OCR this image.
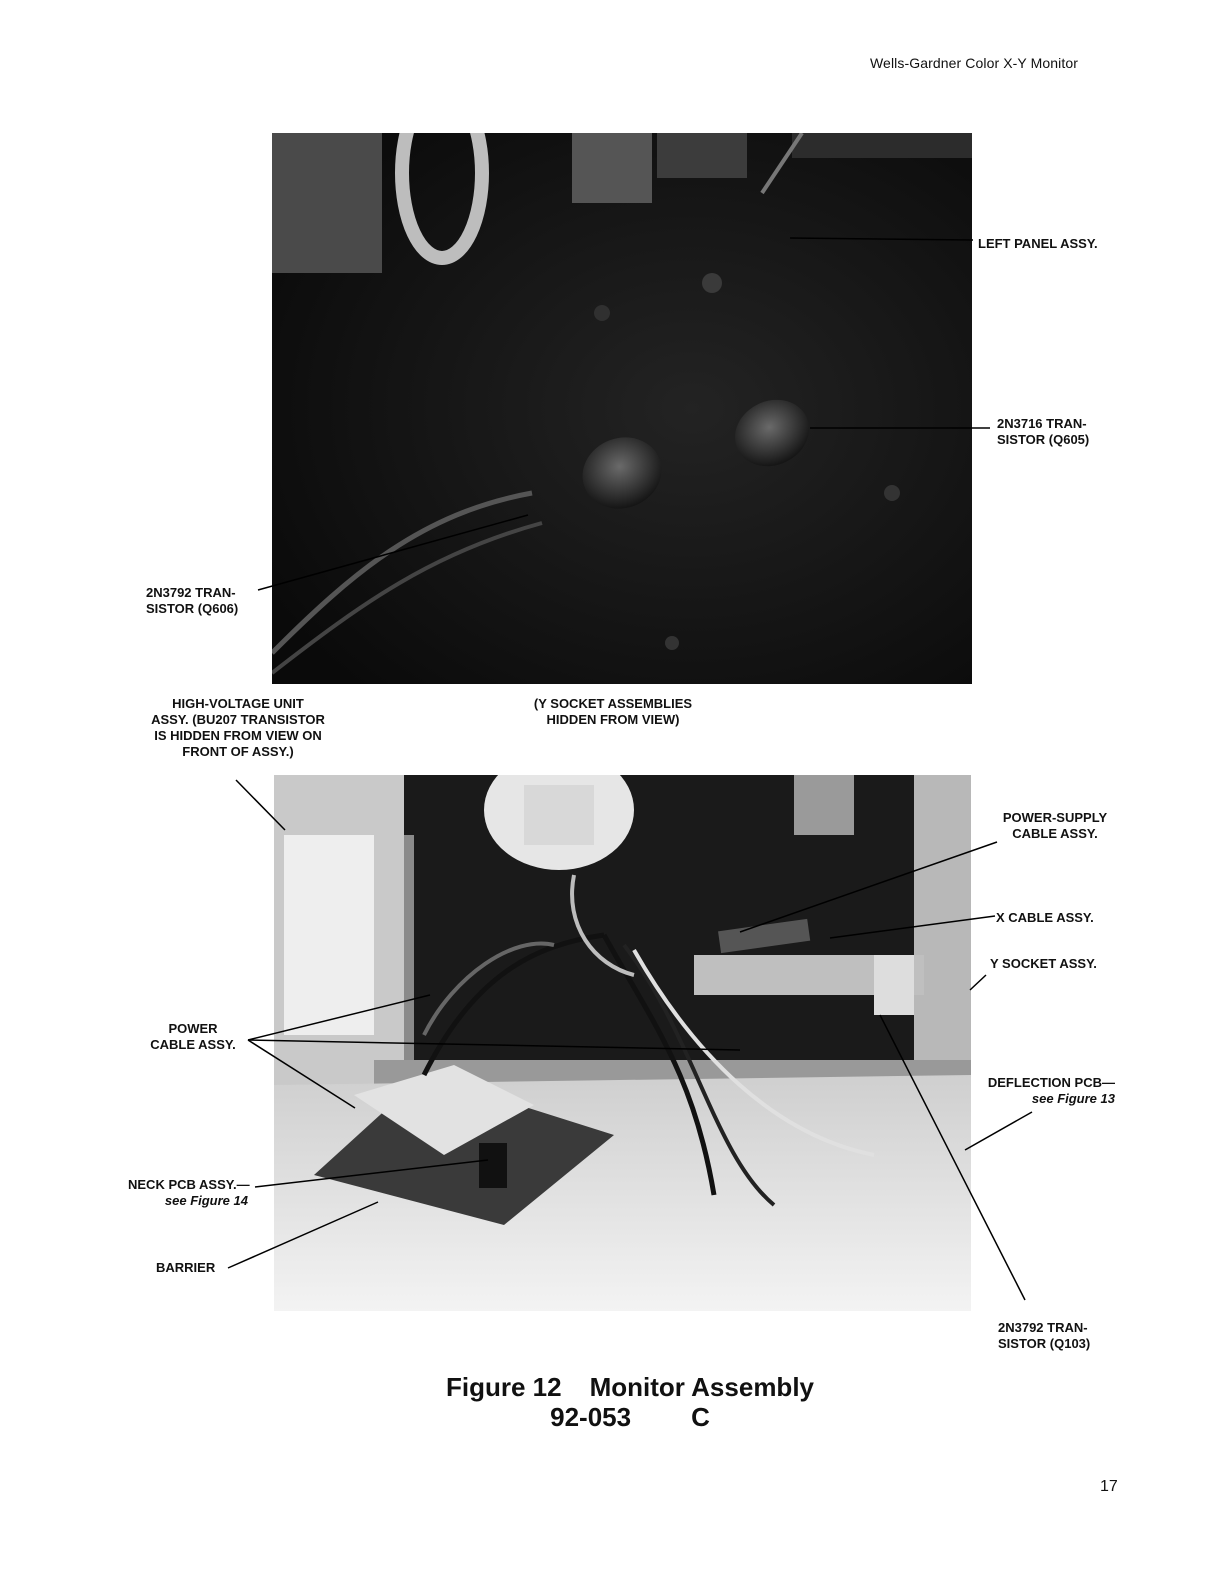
Wells-Gardner Color X-Y Monitor
LEFT PANEL ASSY.
2N3716 TRAN-
SISTOR (Q605)
2N3792 TRAN-
SISTOR (Q606)
HIGH-VOLTAGE UNIT
ASSY. (BU207 TRANSISTOR
IS HIDDEN FROM VIEW ON
FRONT OF ASSY.)
(Y SOCKET ASSEMBLIES
HIDDEN FROM VIEW)
POWER-SUPPLY
CABLE ASSY.
X CABLE ASSY.
Y SOCKET ASSY.
POWER
CABLE ASSY.
DEFLECTION PCB—
see Figure 13
NECK PCB ASSY.—
see Figure 14
BARRIER
2N3792 TRAN-
SISTOR (Q103)
Figure 12 Monitor Assembly
92-053 C
17
